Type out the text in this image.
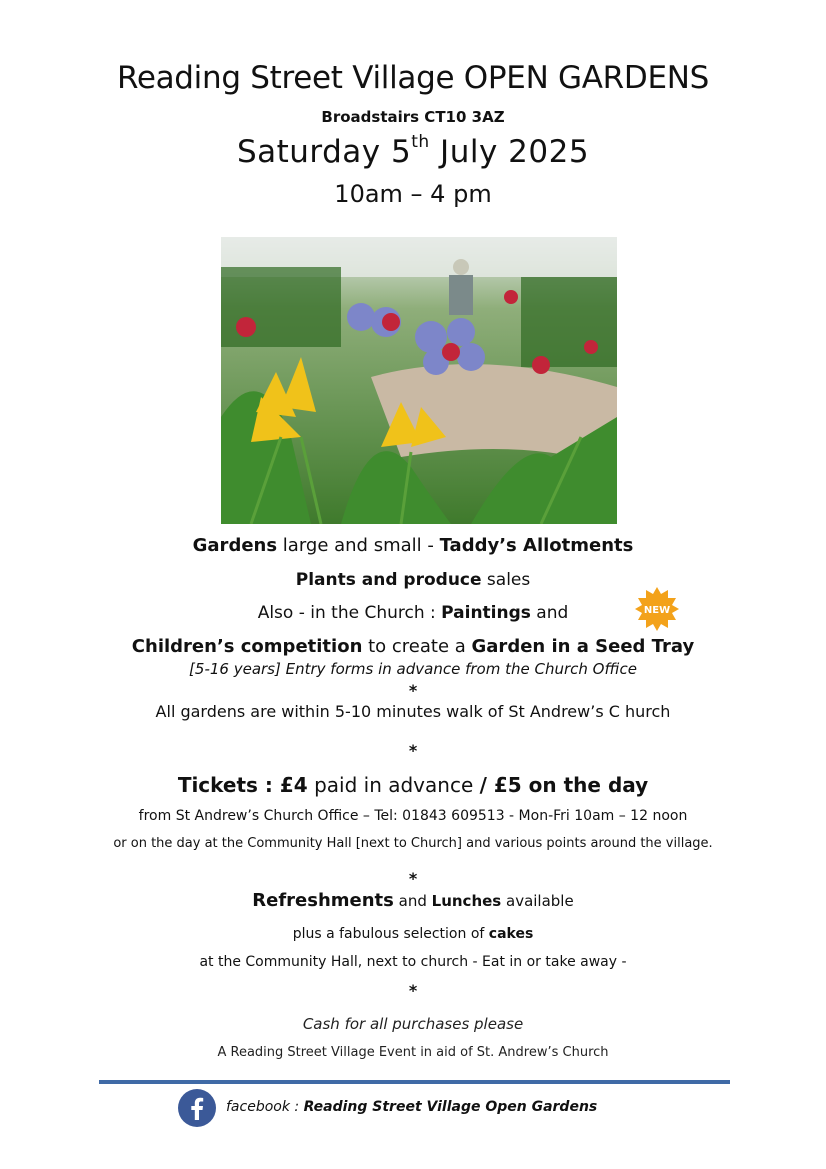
Reading Street Village OPEN GARDENS
Broadstairs CT10 3AZ
Saturday 5th July 2025
10am – 4 pm
Gardens large and small - Taddy’s Allotments
Plants and produce sales
Also - in the Church : Paintings and	NEW
Children’s competition to create a Garden in a Seed Tray
[5-16 years] Entry forms in advance from the Church Office
*
All gardens are within 5-10 minutes walk of St Andrew’s C hurch
*
Tickets : £4 paid in advance / £5 on the day
from St Andrew’s Church Office – Tel: 01843 609513 - Mon-Fri 10am – 12 noon
or on the day at the Community Hall [next to Church] and various points around the village.
*
Refreshments and Lunches available
plus a fabulous selection of cakes
at the Community Hall, next to church - Eat in or take away -
*
Cash for all purchases please
A Reading Street Village Event in aid of St. Andrew’s Church
facebook : Reading Street Village Open Gardens
